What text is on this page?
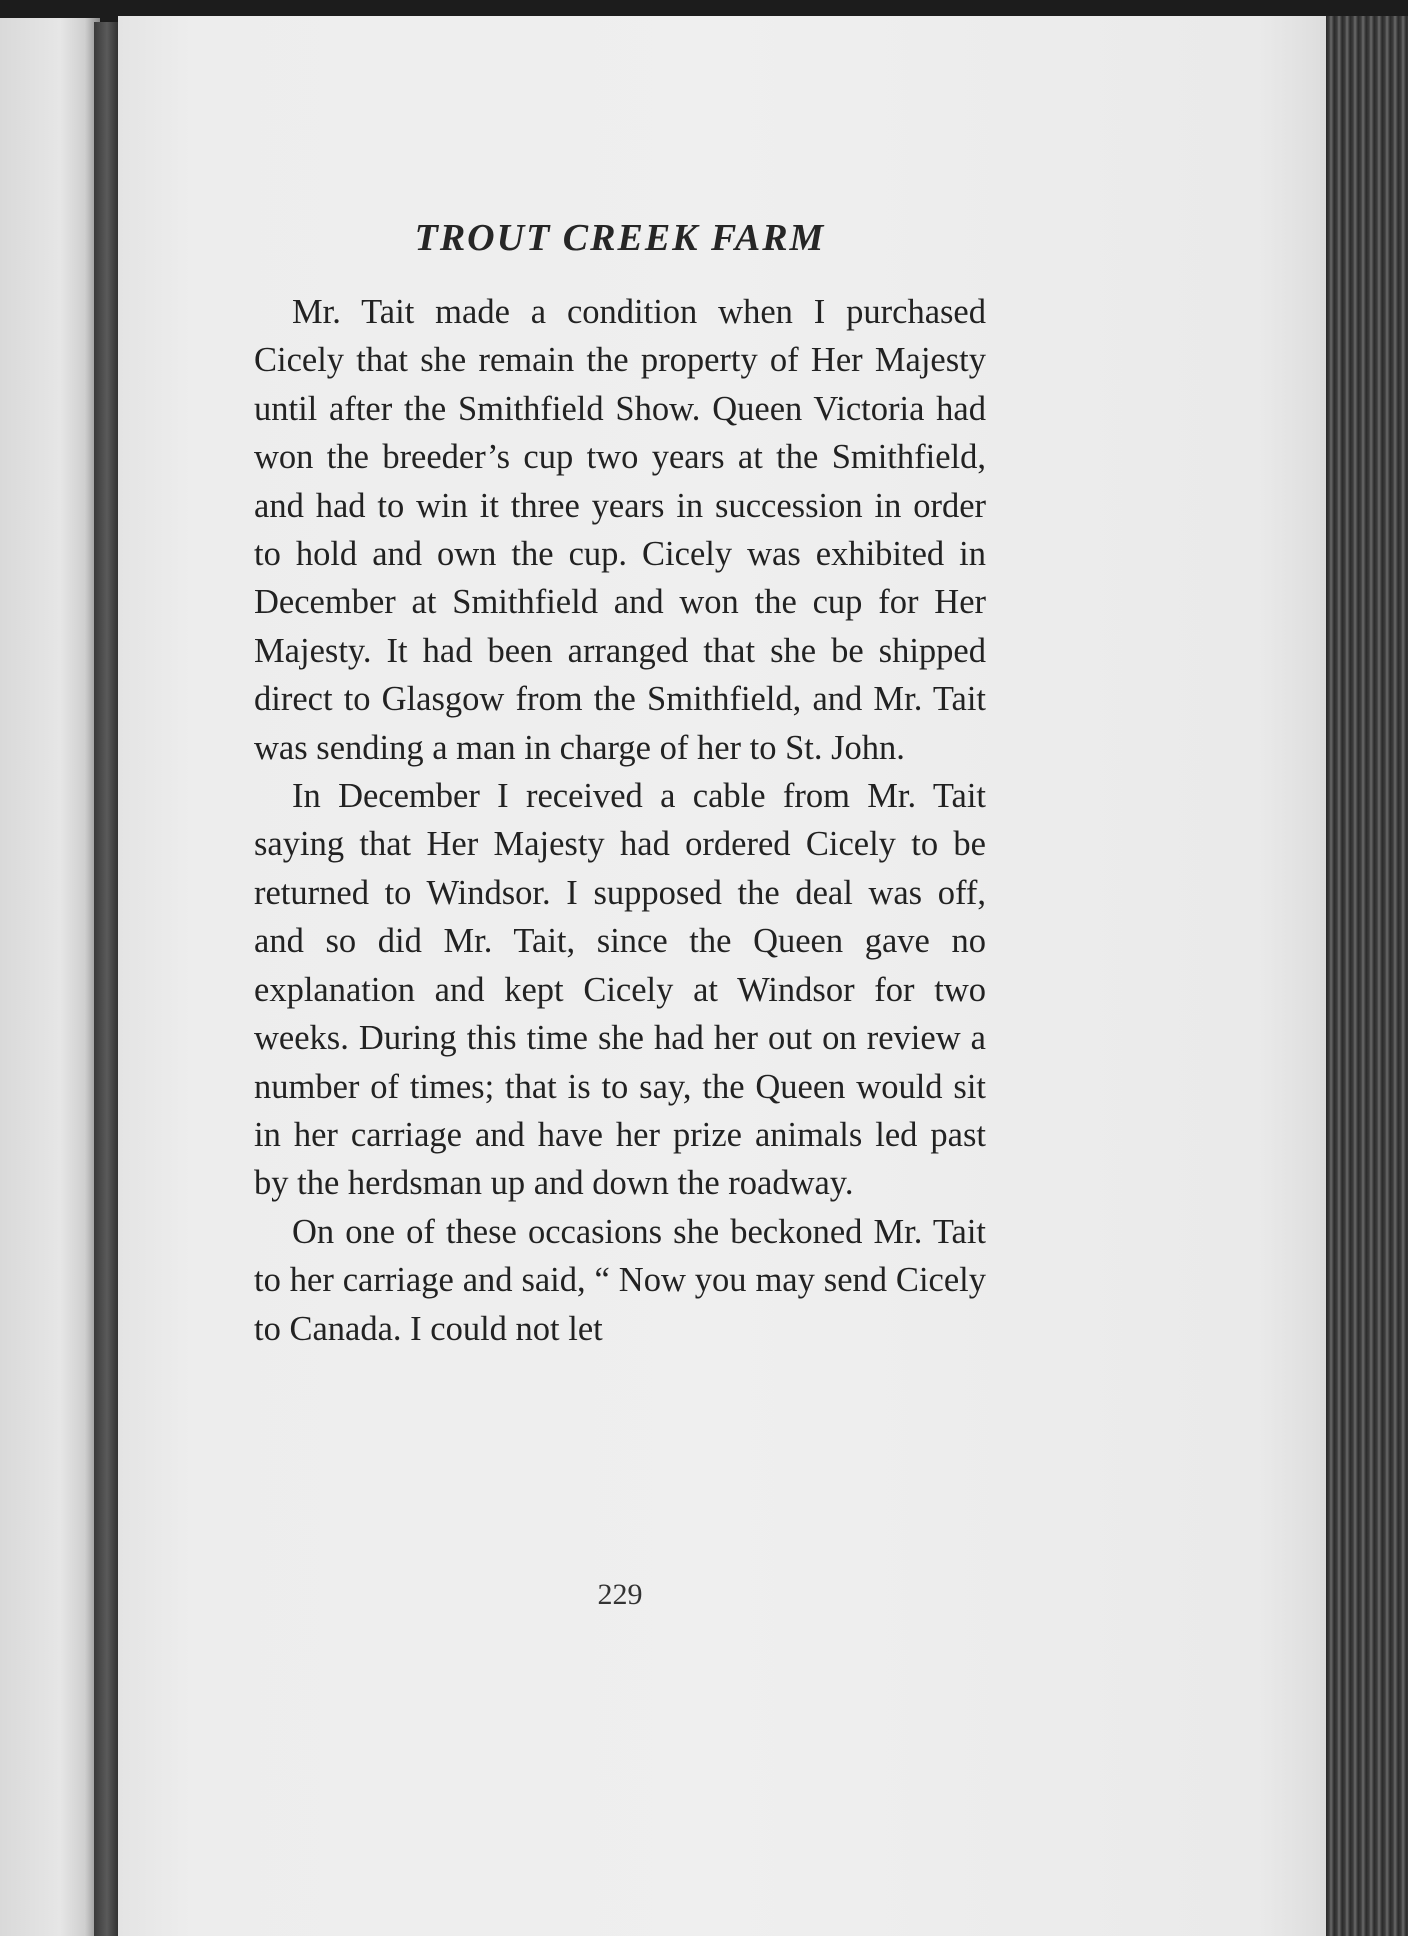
TROUT CREEK FARM

Mr. Tait made a condition when I purchased Cicely that she remain the property of Her Majesty until after the Smithfield Show. Queen Victoria had won the breeder’s cup two years at the Smithfield, and had to win it three years in succession in order to hold and own the cup. Cicely was exhibited in December at Smithfield and won the cup for Her Majesty. It had been arranged that she be shipped direct to Glasgow from the Smithfield, and Mr. Tait was sending a man in charge of her to St. John.

In December I received a cable from Mr. Tait saying that Her Majesty had ordered Cicely to be returned to Windsor. I supposed the deal was off, and so did Mr. Tait, since the Queen gave no explanation and kept Cicely at Windsor for two weeks. During this time she had her out on review a number of times; that is to say, the Queen would sit in her carriage and have her prize animals led past by the herdsman up and down the roadway.

On one of these occasions she beckoned Mr. Tait to her carriage and said, “ Now you may send Cicely to Canada. I could not let

229
